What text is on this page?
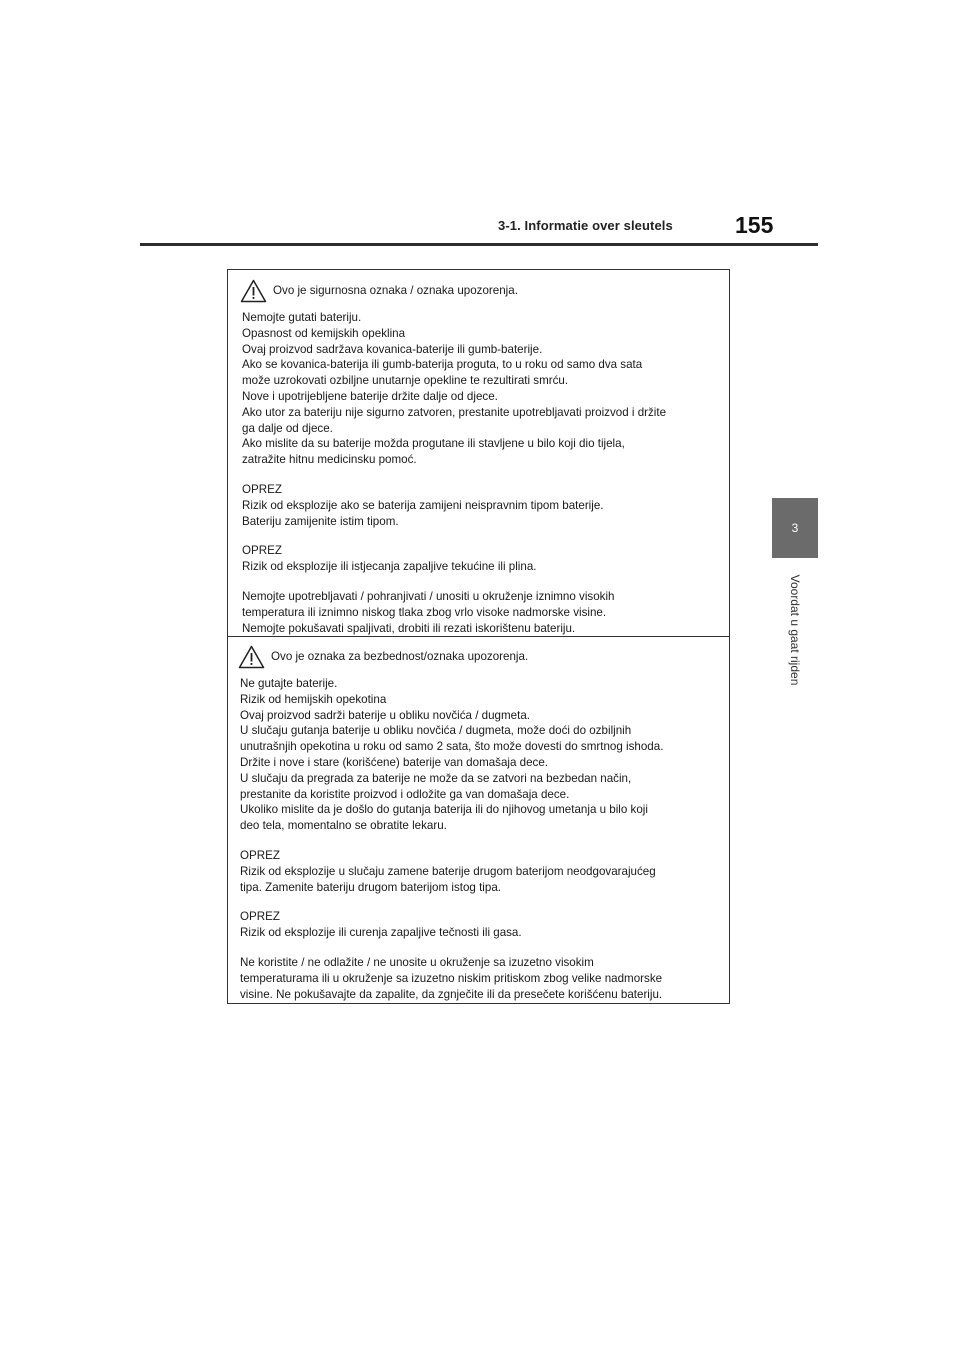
3-1. Informatie over sleutels	155
3
Voordat u gaat rijden
Ovo je sigurnosna oznaka / oznaka upozorenja.
Nemojte gutati bateriju.
Opasnost od kemijskih opeklina
Ovaj proizvod sadržava kovanica-baterije ili gumb-baterije.
Ako se kovanica-baterija ili gumb-baterija proguta, to u roku od samo dva sata
može uzrokovati ozbiljne unutarnje opekline te rezultirati smrću.
Nove i upotrijebljene baterije držite dalje od djece.
Ako utor za bateriju nije sigurno zatvoren, prestanite upotrebljavati proizvod i držite
ga dalje od djece.
Ako mislite da su baterije možda progutane ili stavljene u bilo koji dio tijela,
zatražite hitnu medicinsku pomoć.
OPREZ
Rizik od eksplozije ako se baterija zamijeni neispravnim tipom baterije.
Bateriju zamijenite istim tipom.
OPREZ
Rizik od eksplozije ili istjecanja zapaljive tekućine ili plina.
Nemojte upotrebljavati / pohranjivati / unositi u okruženje iznimno visokih
temperatura ili iznimno niskog tlaka zbog vrlo visoke nadmorske visine.
Nemojte pokušavati spaljivati, drobiti ili rezati iskorištenu bateriju.
Ovo je oznaka za bezbednost/oznaka upozorenja.
Ne gutajte baterije.
Rizik od hemijskih opekotina
Ovaj proizvod sadrži baterije u obliku novčića / dugmeta.
U slučaju gutanja baterije u obliku novčića / dugmeta, može doći do ozbiljnih
unutrašnjih opekotina u roku od samo 2 sata, što može dovesti do smrtnog ishoda.
Držite i nove i stare (korišćene) baterije van domašaja dece.
U slučaju da pregrada za baterije ne može da se zatvori na bezbedan način,
prestanite da koristite proizvod i odložite ga van domašaja dece.
Ukoliko mislite da je došlo do gutanja baterija ili do njihovog umetanja u bilo koji
deo tela, momentalno se obratite lekaru.
OPREZ
Rizik od eksplozije u slučaju zamene baterije drugom baterijom neodgovarajućeg
tipa. Zamenite bateriju drugom baterijom istog tipa.
OPREZ
Rizik od eksplozije ili curenja zapaljive tečnosti ili gasa.
Ne koristite / ne odlažite / ne unosite u okruženje sa izuzetno visokim
temperaturama ili u okruženje sa izuzetno niskim pritiskom zbog velike nadmorske
visine. Ne pokušavajte da zapalite, da zgnječite ili da presečete korišćenu bateriju.
